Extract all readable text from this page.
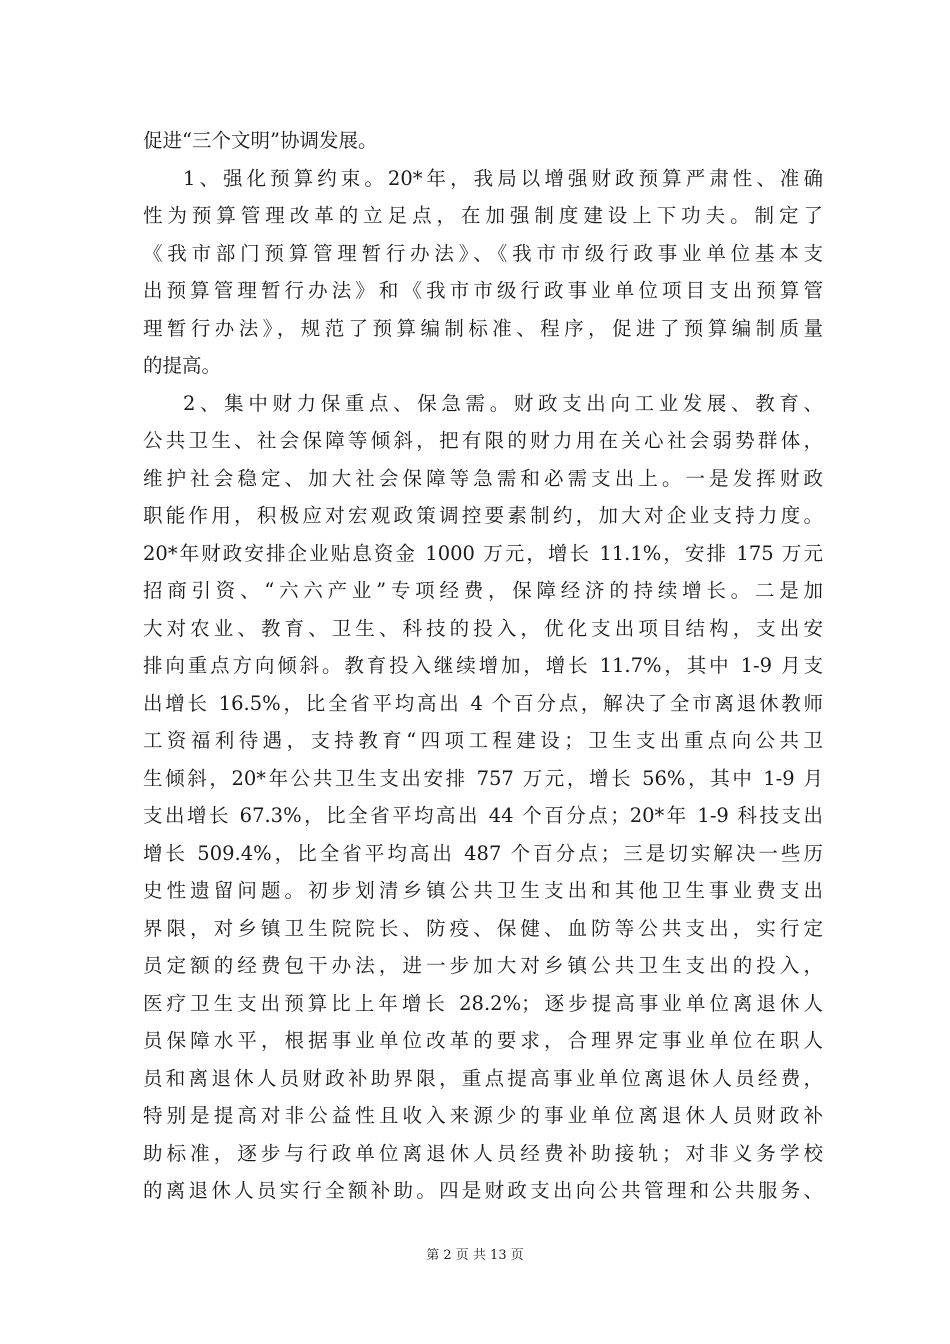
促进“三个文明”协调发展。
1、强化预算约束。20*年，我局以增强财政预算严肃性、准确
性为预算管理改革的立足点，在加强制度建设上下功夫。制定了
《我市部门预算管理暂行办法》、《我市市级行政事业单位基本支
出预算管理暂行办法》和《我市市级行政事业单位项目支出预算管
理暂行办法》，规范了预算编制标准、程序，促进了预算编制质量
的提高。
2、集中财力保重点、保急需。财政支出向工业发展、教育、
公共卫生、社会保障等倾斜，把有限的财力用在关心社会弱势群体，
维护社会稳定、加大社会保障等急需和必需支出上。一是发挥财政
职能作用，积极应对宏观政策调控要素制约，加大对企业支持力度。
20*年财政安排企业贴息资金 1000 万元，增长 11.1%，安排 175 万元
招商引资、“六六产业”专项经费，保障经济的持续增长。二是加
大对农业、教育、卫生、科技的投入，优化支出项目结构，支出安
排向重点方向倾斜。教育投入继续增加，增长 11.7%，其中 1-9 月支
出增长 16.5%，比全省平均高出 4 个百分点，解决了全市离退休教师
工资福利待遇，支持教育“四项工程建设；卫生支出重点向公共卫
生倾斜，20*年公共卫生支出安排 757 万元，增长 56%，其中 1-9 月
支出增长 67.3%，比全省平均高出 44 个百分点；20*年 1-9 科技支出
增长 509.4%，比全省平均高出 487 个百分点；三是切实解决一些历
史性遗留问题。初步划清乡镇公共卫生支出和其他卫生事业费支出
界限，对乡镇卫生院院长、防疫、保健、血防等公共支出，实行定
员定额的经费包干办法，进一步加大对乡镇公共卫生支出的投入，
医疗卫生支出预算比上年增长 28.2%；逐步提高事业单位离退休人
员保障水平，根据事业单位改革的要求，合理界定事业单位在职人
员和离退休人员财政补助界限，重点提高事业单位离退休人员经费，
特别是提高对非公益性且收入来源少的事业单位离退休人员财政补
助标准，逐步与行政单位离退休人员经费补助接轨；对非义务学校
的离退休人员实行全额补助。四是财政支出向公共管理和公共服务、
第 2 页 共 13 页
